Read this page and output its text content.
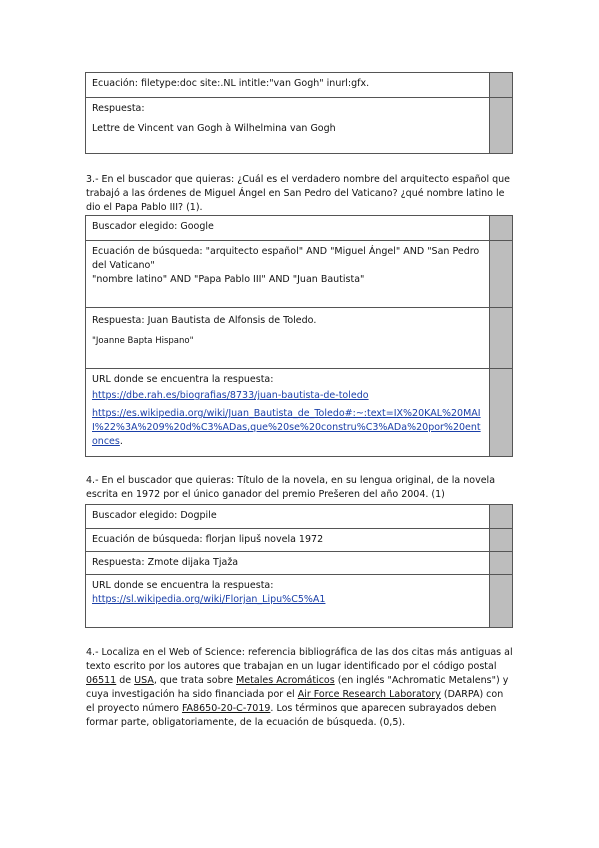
Ecuación: filetype:doc site:.NL intitle:"van Gogh" inurl:gfx.

Respuesta:

Lettre de Vincent van Gogh à Wilhelmina van Gogh

3.- En el buscador que quieras: ¿Cuál es el verdadero nombre del arquitecto español que trabajó a las órdenes de Miguel Ángel en San Pedro del Vaticano? ¿qué nombre latino le dio el Papa Pablo III? (1).
Buscador elegido: Google

Ecuación de búsqueda: "arquitecto español" AND "Miguel Ángel" AND "San Pedro del Vaticano"

"nombre latino" AND "Papa Pablo III" AND "Juan Bautista"

Respuesta: Juan Bautista de Alfonsis de Toledo.

"Joanne Bapta Hispano"

URL donde se encuentra la respuesta:

https://dbe.rah.es/biografias/8733/juan-bautista-de-toledo

https://es.wikipedia.org/wiki/Juan_Bautista_de_Toledo#:~:text=IX%20KAL%20MAII%22%3A%209%20d%C3%ADas,que%20se%20constru%C3%ADa%20por%20entonces.

4.- En el buscador que quieras: Título de la novela, en su lengua original, de la novela escrita en 1972 por el único ganador del premio Prešeren del año 2004. (1)
Buscador elegido: Dogpile
Ecuación de búsqueda: florjan lipuš novela 1972
Respuesta: Zmote dijaka Tjaža

URL donde se encuentra la respuesta:

https://sl.wikipedia.org/wiki/Florjan_Lipu%C5%A1

4.- Localiza en el Web of Science: referencia bibliográfica de las dos citas más antiguas al texto escrito por los autores que trabajan en un lugar identificado por el código postal 06511 de USA, que trata sobre Metales Acromáticos (en inglés "Achromatic Metalens") y cuya investigación ha sido financiada por el Air Force Research Laboratory (DARPA) con el proyecto número FA8650-20-C-7019. Los términos que aparecen subrayados deben formar parte, obligatoriamente, de la ecuación de búsqueda. (0,5).
